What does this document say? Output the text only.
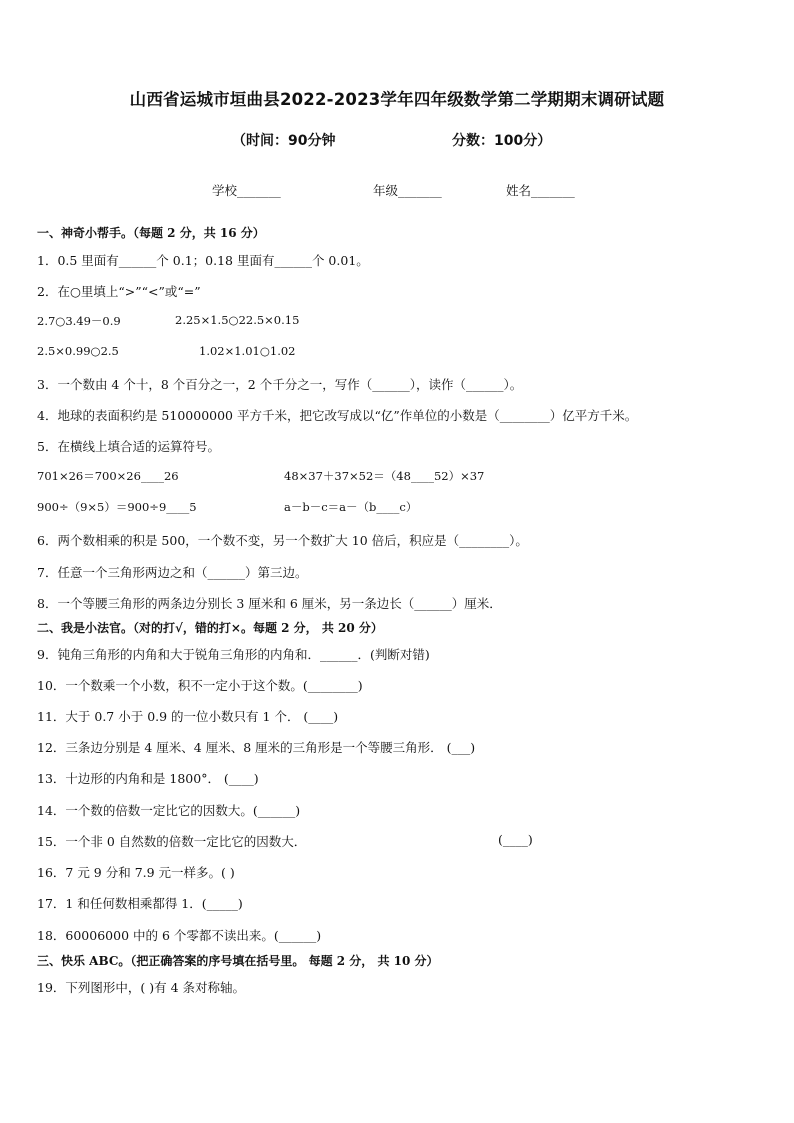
山西省运城市垣曲县2022-2023学年四年级数学第二学期期末调研试题
（时间：90分钟	分数：100分）
学校_______	年级_______	姓名_______
一、神奇小帮手。（每题 2 分，共 16 分）
1．0.5 里面有______个 0.1；0.18 里面有______个 0.01。
2．在○里填上“>”“<”或“=”
2.7○3.49－0.9	2.25×1.5○22.5×0.15
2.5×0.99○2.5	1.02×1.01○1.02
3．一个数由 4 个十，8 个百分之一，2 个千分之一，写作（______），读作（______）。
4．地球的表面积约是 510000000 平方千米，把它改写成以“亿”作单位的小数是（________）亿平方千米。
5．在横线上填合适的运算符号。
701×26＝700×26____26	48×37＋37×52＝（48____52）×37
900÷（9×5）＝900÷9____5	a－b－c＝a－（b____c）
6．两个数相乘的积是 500，一个数不变，另一个数扩大 10 倍后，积应是（________）。
7．任意一个三角形两边之和（______）第三边。
8．一个等腰三角形的两条边分别长 3 厘米和 6 厘米，另一条边长（______）厘米．
二、我是小法官。（对的打√，错的打×。每题 2 分， 共 20 分）
9．钝角三角形的内角和大于锐角三角形的内角和．______．(判断对错)
10．一个数乘一个小数，积不一定小于这个数。(________)
11．大于 0.7 小于 0.9 的一位小数只有 1 个． (____)
12．三条边分别是 4 厘米、4 厘米、8 厘米的三角形是一个等腰三角形． (___)
13．十边形的内角和是 1800°． (____)
14．一个数的倍数一定比它的因数大。(______)
15．一个非 0 自然数的倍数一定比它的因数大．	(____)
16．7 元 9 分和 7.9 元一样多。( )
17．1 和任何数相乘都得 1．(_____)
18．60006000 中的 6 个零都不读出来。(______)
三、快乐 ABC。（把正确答案的序号填在括号里。 每题 2 分， 共 10 分）
19．下列图形中，( )有 4 条对称轴。
